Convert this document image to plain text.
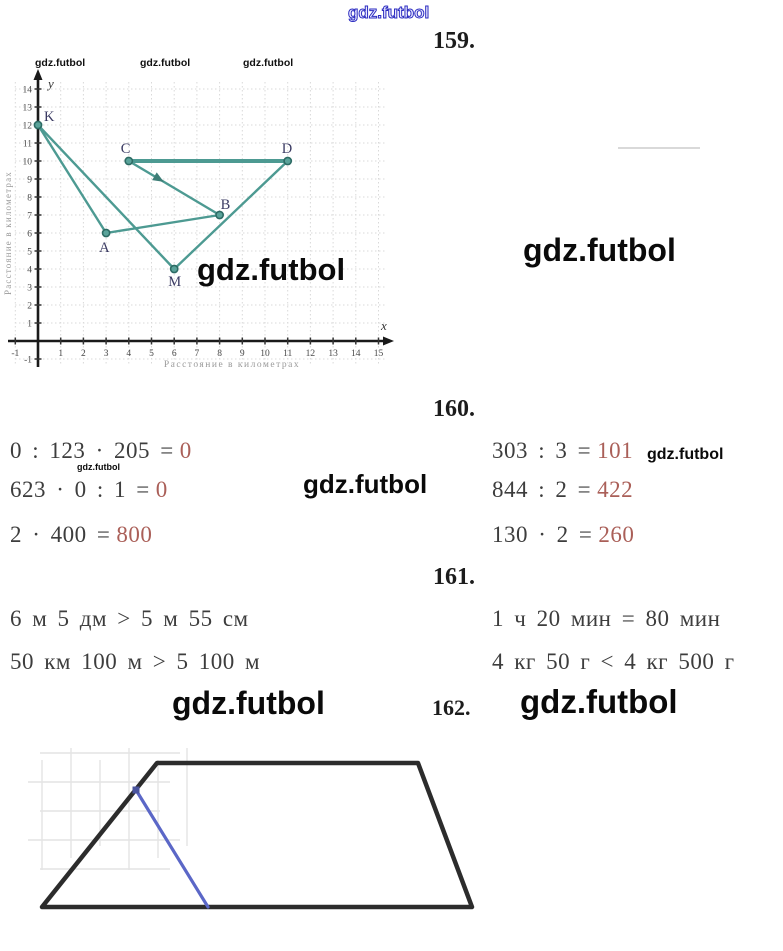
gdz.futbol
159.
gdz.futbol	gdz.futbol	gdz.futbol
-1	1 2 3 4 5 6 7 8 9 10 11 12 13 14 15
-1
1
2
3
4
5
6
7
8
9
10
11
12
13
14 y
x
Расстояние в километрах
Расстояние в километрах
K
A
B
C	D
M gdz.futbol
gdz.futbol
160.
0 : 123 · 205 = 0
623 · 0 : 1 = 0
2 · 400 = 800
303 : 3 = 101
844 : 2 = 422
130 · 2 = 260
gdz.futbol
gdz.futbol
gdz.futbol
161.
6 м 5 дм > 5 м 55 см
50 км 100 м > 5 100 м
1 ч 20 мин = 80 мин
4 кг 50 г < 4 кг 500 г
gdz.futbol	162. gdz.futbol
